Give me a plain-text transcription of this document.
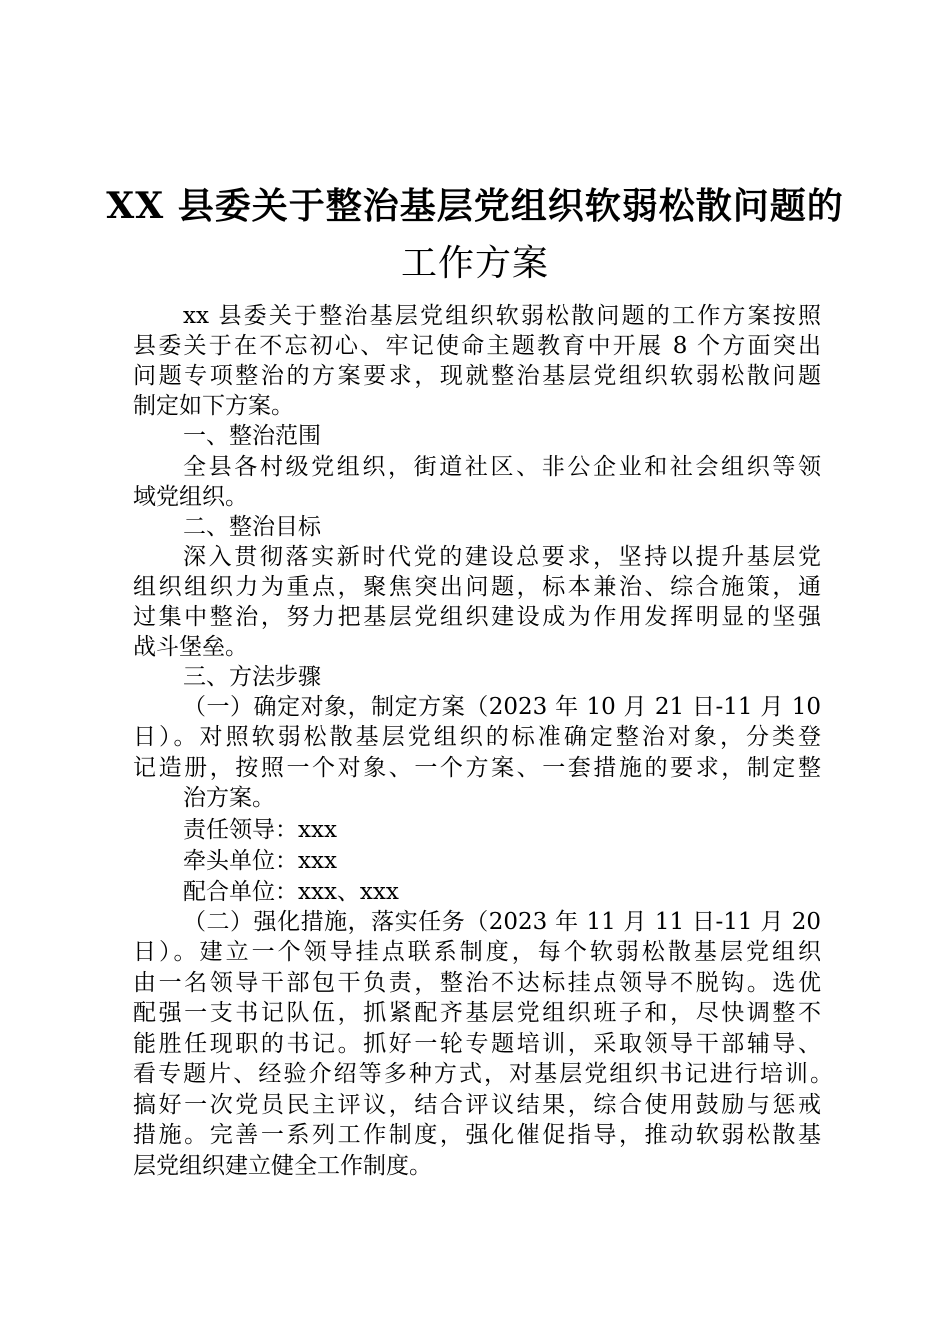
XX 县委关于整治基层党组织软弱松散问题的
工作方案
xx 县委关于整治基层党组织软弱松散问题的工作方案按照
县委关于在不忘初心、牢记使命主题教育中开展 8 个方面突出
问题专项整治的方案要求，现就整治基层党组织软弱松散问题
制定如下方案。
一、整治范围
全县各村级党组织，街道社区、非公企业和社会组织等领
域党组织。
二、整治目标
深入贯彻落实新时代党的建设总要求，坚持以提升基层党
组织组织力为重点，聚焦突出问题，标本兼治、综合施策，通
过集中整治，努力把基层党组织建设成为作用发挥明显的坚强
战斗堡垒。
三、方法步骤
（一）确定对象，制定方案（2023 年 10 月 21 日-11 月 10
日）。对照软弱松散基层党组织的标准确定整治对象，分类登
记造册，按照一个对象、一个方案、一套措施的要求，制定整
治方案。
责任领导：xxx
牵头单位：xxx
配合单位：xxx、xxx
（二）强化措施，落实任务（2023 年 11 月 11 日-11 月 20
日）。建立一个领导挂点联系制度，每个软弱松散基层党组织
由一名领导干部包干负责，整治不达标挂点领导不脱钩。选优
配强一支书记队伍，抓紧配齐基层党组织班子和，尽快调整不
能胜任现职的书记。抓好一轮专题培训，采取领导干部辅导、
看专题片、经验介绍等多种方式，对基层党组织书记进行培训。
搞好一次党员民主评议，结合评议结果，综合使用鼓励与惩戒
措施。完善一系列工作制度，强化催促指导，推动软弱松散基
层党组织建立健全工作制度。
